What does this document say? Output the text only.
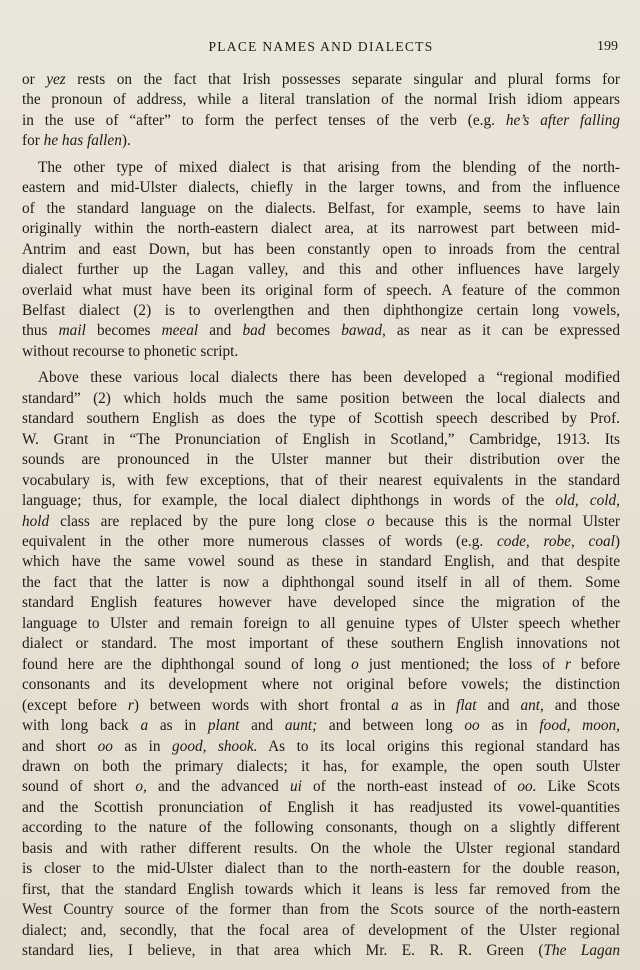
PLACE NAMES AND DIALECTS	199
or yez rests on the fact that Irish possesses separate singular and plural forms for
the pronoun of address, while a literal translation of the normal Irish idiom appears
in the use of “after” to form the perfect tenses of the verb (e.g. he’s after falling
for he has fallen).
The other type of mixed dialect is that arising from the blending of the north-
eastern and mid-Ulster dialects, chiefly in the larger towns, and from the influence
of the standard language on the dialects. Belfast, for example, seems to have lain
originally within the north-eastern dialect area, at its narrowest part between mid-
Antrim and east Down, but has been constantly open to inroads from the central
dialect further up the Lagan valley, and this and other influences have largely
overlaid what must have been its original form of speech. A feature of the common
Belfast dialect (2) is to overlengthen and then diphthongize certain long vowels,
thus mail becomes meeal and bad becomes bawad, as near as it can be expressed
without recourse to phonetic script.
Above these various local dialects there has been developed a “regional modified
standard” (2) which holds much the same position between the local dialects and
standard southern English as does the type of Scottish speech described by Prof.
W. Grant in “The Pronunciation of English in Scotland,” Cambridge, 1913. Its
sounds are pronounced in the Ulster manner but their distribution over the
vocabulary is, with few exceptions, that of their nearest equivalents in the standard
language; thus, for example, the local dialect diphthongs in words of the old, cold,
hold class are replaced by the pure long close o because this is the normal Ulster
equivalent in the other more numerous classes of words (e.g. code, robe, coal)
which have the same vowel sound as these in standard English, and that despite
the fact that the latter is now a diphthongal sound itself in all of them. Some
standard English features however have developed since the migration of the
language to Ulster and remain foreign to all genuine types of Ulster speech whether
dialect or standard. The most important of these southern English innovations not
found here are the diphthongal sound of long o just mentioned; the loss of r before
consonants and its development where not original before vowels; the distinction
(except before r) between words with short frontal a as in flat and ant, and those
with long back a as in plant and aunt; and between long oo as in food, moon,
and short oo as in good, shook. As to its local origins this regional standard has
drawn on both the primary dialects; it has, for example, the open south Ulster
sound of short o, and the advanced ui of the north-east instead of oo. Like Scots
and the Scottish pronunciation of English it has readjusted its vowel-quantities
according to the nature of the following consonants, though on a slightly different
basis and with rather different results. On the whole the Ulster regional standard
is closer to the mid-Ulster dialect than to the north-eastern for the double reason,
first, that the standard English towards which it leans is less far removed from the
West Country source of the former than from the Scots source of the north-eastern
dialect; and, secondly, that the focal area of development of the Ulster regional
standard lies, I believe, in that area which Mr. E. R. R. Green (The Lagan
